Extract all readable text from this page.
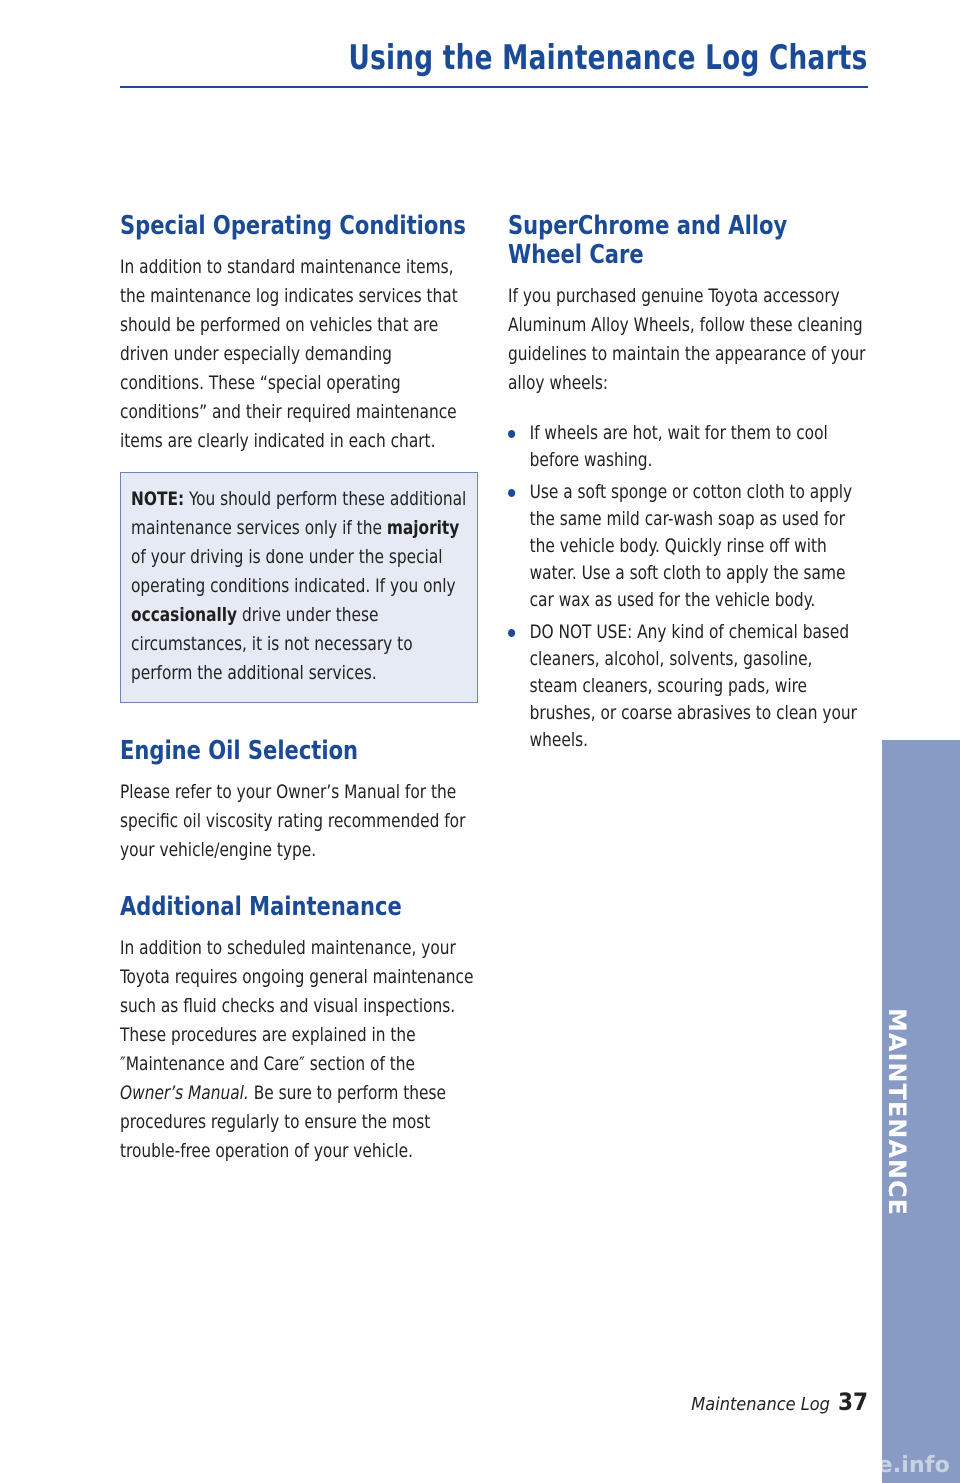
Using the Maintenance Log Charts
Special Operating Conditions

In addition to standard maintenance items, the maintenance log indicates services that should be performed on vehicles that are driven under especially demanding conditions. These “special operating conditions” and their required maintenance items are clearly indicated in each chart.

NOTE: You should perform these additional maintenance services only if the majority of your driving is done under the special operating conditions indicated. If you only occasionally drive under these circumstances, it is not necessary to perform the additional services.

Engine Oil Selection

Please refer to your Owner’s Manual for the specific oil viscosity rating recommended for your vehicle/engine type.

Additional Maintenance

In addition to scheduled maintenance, your Toyota requires ongoing general maintenance such as fluid checks and visual inspections. These procedures are explained in the ″Maintenance and Care″ section of the Owner’s Manual. Be sure to perform these procedures regularly to ensure the most trouble-free operation of your vehicle.

SuperChrome and Alloy Wheel Care

If you purchased genuine Toyota accessory Aluminum Alloy Wheels, follow these cleaning guidelines to maintain the appearance of your alloy wheels:

If wheels are hot, wait for them to cool before washing.
Use a soft sponge or cotton cloth to apply the same mild car-wash soap as used for the vehicle body. Quickly rinse off with water. Use a soft cloth to apply the same car wax as used for the vehicle body.
DO NOT USE: Any kind of chemical based cleaners, alcohol, solvents, gasoline, steam cleaners, scouring pads, wire brushes, or coarse abrasives to clean your wheels.
MAINTENANCE
Maintenance Log 37
carmanualsonline.info
